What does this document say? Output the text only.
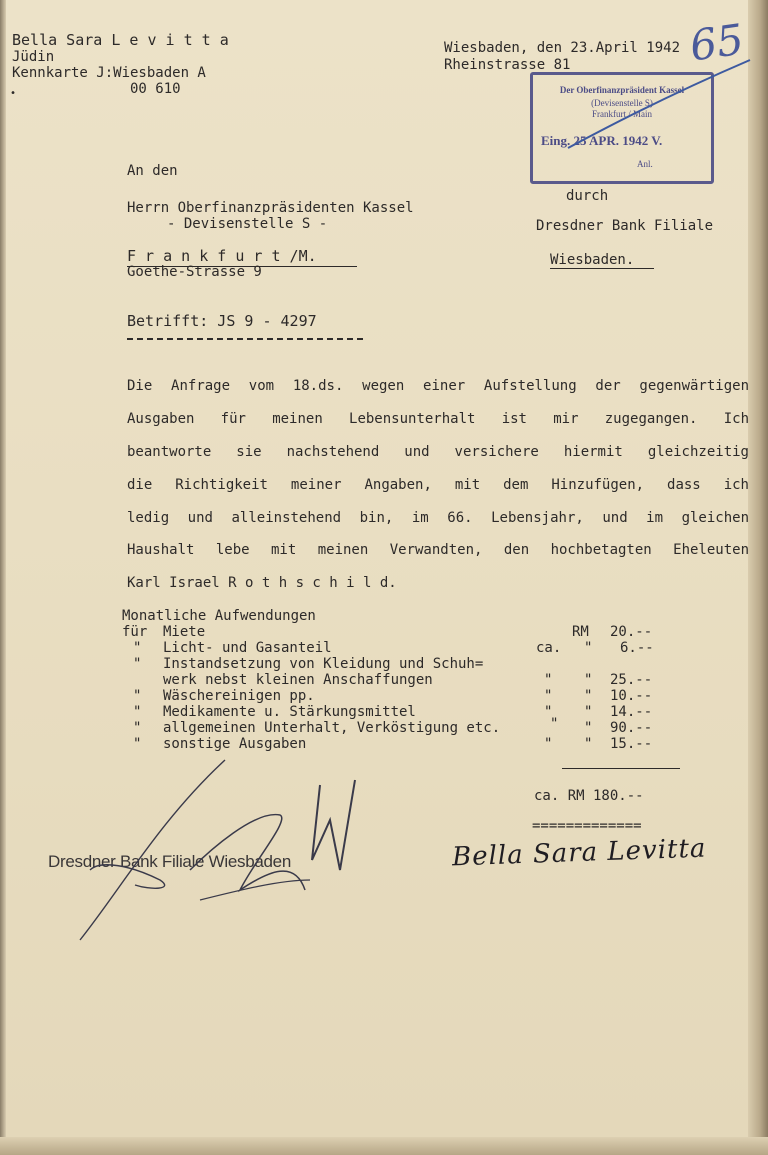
Bella Sara L e v i t t a
Jüdin
Kennkarte J:Wiesbaden A
00 610
•
Wiesbaden, den 23.April 1942
Rheinstrasse 81	65
Der Oberfinanzpräsident Kassel
(Devisenstelle S)
Frankfurt / Main
Eing. 25 APR. 1942 V.
Anl.
An den
Herrn Oberfinanzpräsidenten Kassel
- Devisenstelle S -
F r a n k f u r t /M.
Goethe-Strasse 9
durch
Dresdner Bank Filiale
Wiesbaden.
Betrifft: JS 9 - 4297
Die Anfrage vom 18.ds. wegen einer Aufstellung der gegenwärtigen
Ausgaben für meinen Lebensunterhalt ist mir zugegangen. Ich
beantworte sie nachstehend und versichere hiermit gleichzeitig
die Richtigkeit meiner Angaben, mit dem Hinzufügen, dass ich
ledig und alleinstehend bin, im 66. Lebensjahr, und im gleichen
Haushalt lebe mit meinen Verwandten, den hochbetagten Eheleuten
Karl Israel R o t h s c h i l d.
Monatliche Aufwendungen
für Miete	RM 20.--
" Licht- und Gasanteil	ca. " 6.--
" Instandsetzung von Kleidung und Schuh=
werk nebst kleinen Anschaffungen	" " 25.--
" Wäschereinigen pp.	" " 10.--
" Medikamente u. Stärkungsmittel	" " 14.--
" allgemeinen Unterhalt, Verköstigung etc.	" " 90.--
" sonstige Ausgaben	" " 15.--
ca. RM 180.--
=============
Dresdner Bank Filiale Wiesbaden	Bella Sara Levitta
